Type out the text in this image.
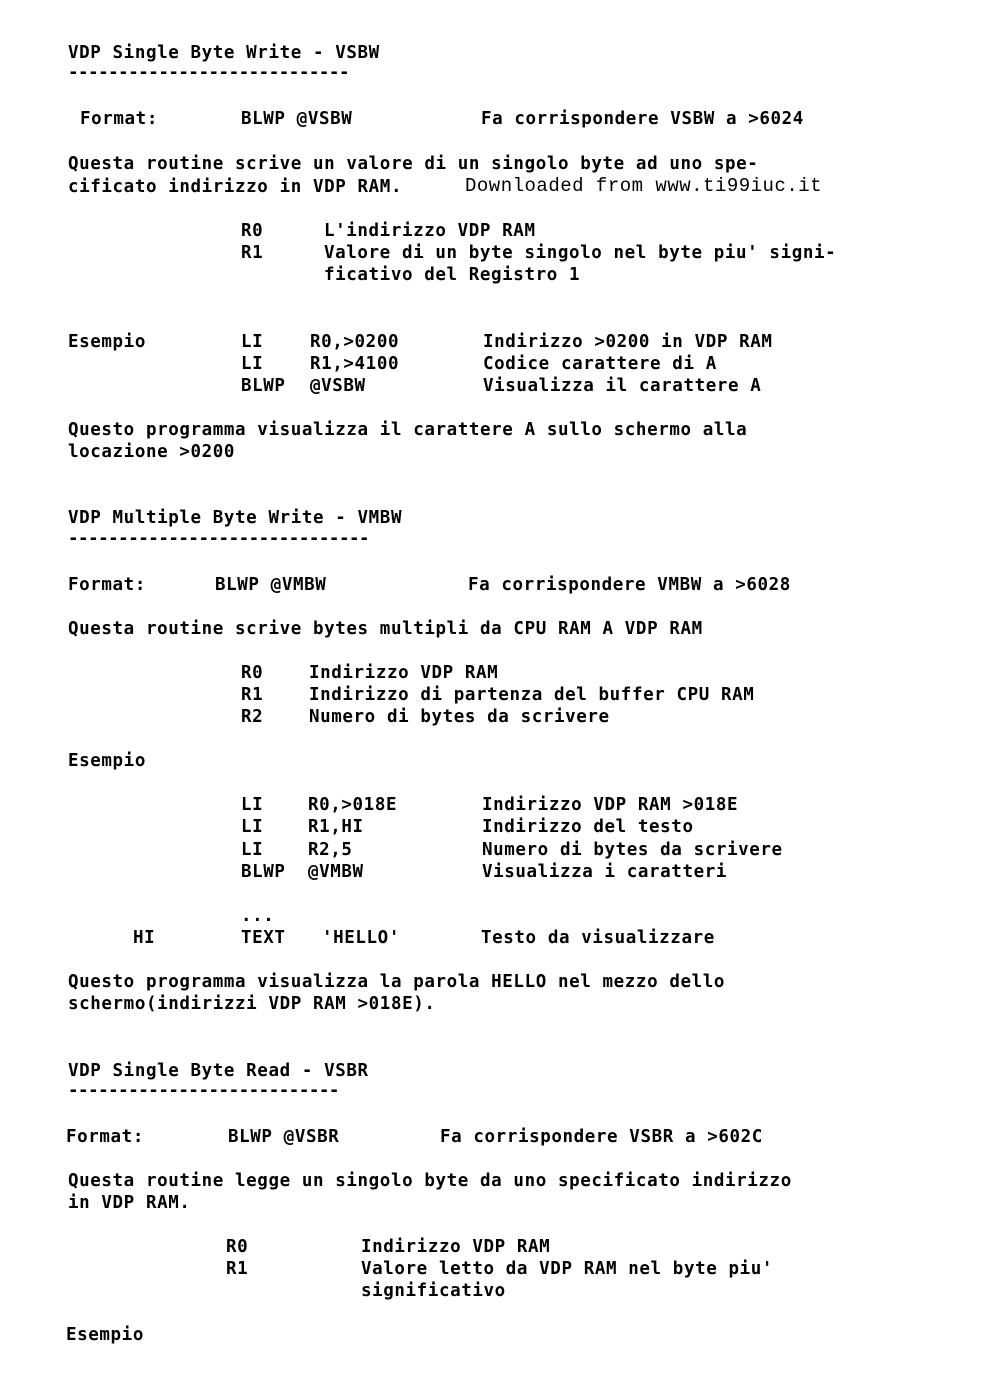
VDP Single Byte Write - VSBW
----------------------------
Format:	BLWP @VSBW	Fa corrispondere VSBW a >6024
Questa routine scrive un valore di un singolo byte ad uno spe-
cificato indirizzo in VDP RAM.	Downloaded from www.ti99iuc.it
R0	L'indirizzo VDP RAM
R1	Valore di un byte singolo nel byte piu' signi-
ficativo del Registro 1
Esempio	LI	R0,>0200	Indirizzo >0200 in VDP RAM
LI	R1,>4100	Codice carattere di A
BLWP @VSBW	Visualizza il carattere A
Questo programma visualizza il carattere A sullo schermo alla
locazione >0200
VDP Multiple Byte Write - VMBW
------------------------------
Format:	BLWP @VMBW	Fa corrispondere VMBW a >6028
Questa routine scrive bytes multipli da CPU RAM A VDP RAM
R0	Indirizzo VDP RAM
R1	Indirizzo di partenza del buffer CPU RAM
R2	Numero di bytes da scrivere
Esempio
LI	R0,>018E	Indirizzo VDP RAM >018E
LI	R1,HI	Indirizzo del testo
LI	R2,5	Numero di bytes da scrivere
BLWP @VMBW	Visualizza i caratteri
...
HI	TEXT 'HELLO'	Testo da visualizzare
Questo programma visualizza la parola HELLO nel mezzo dello
schermo(indirizzi VDP RAM >018E).
VDP Single Byte Read - VSBR
---------------------------
Format:	BLWP @VSBR	Fa corrispondere VSBR a >602C
Questa routine legge un singolo byte da uno specificato indirizzo
in VDP RAM.
R0	Indirizzo VDP RAM
R1	Valore letto da VDP RAM nel byte piu'
significativo
Esempio
